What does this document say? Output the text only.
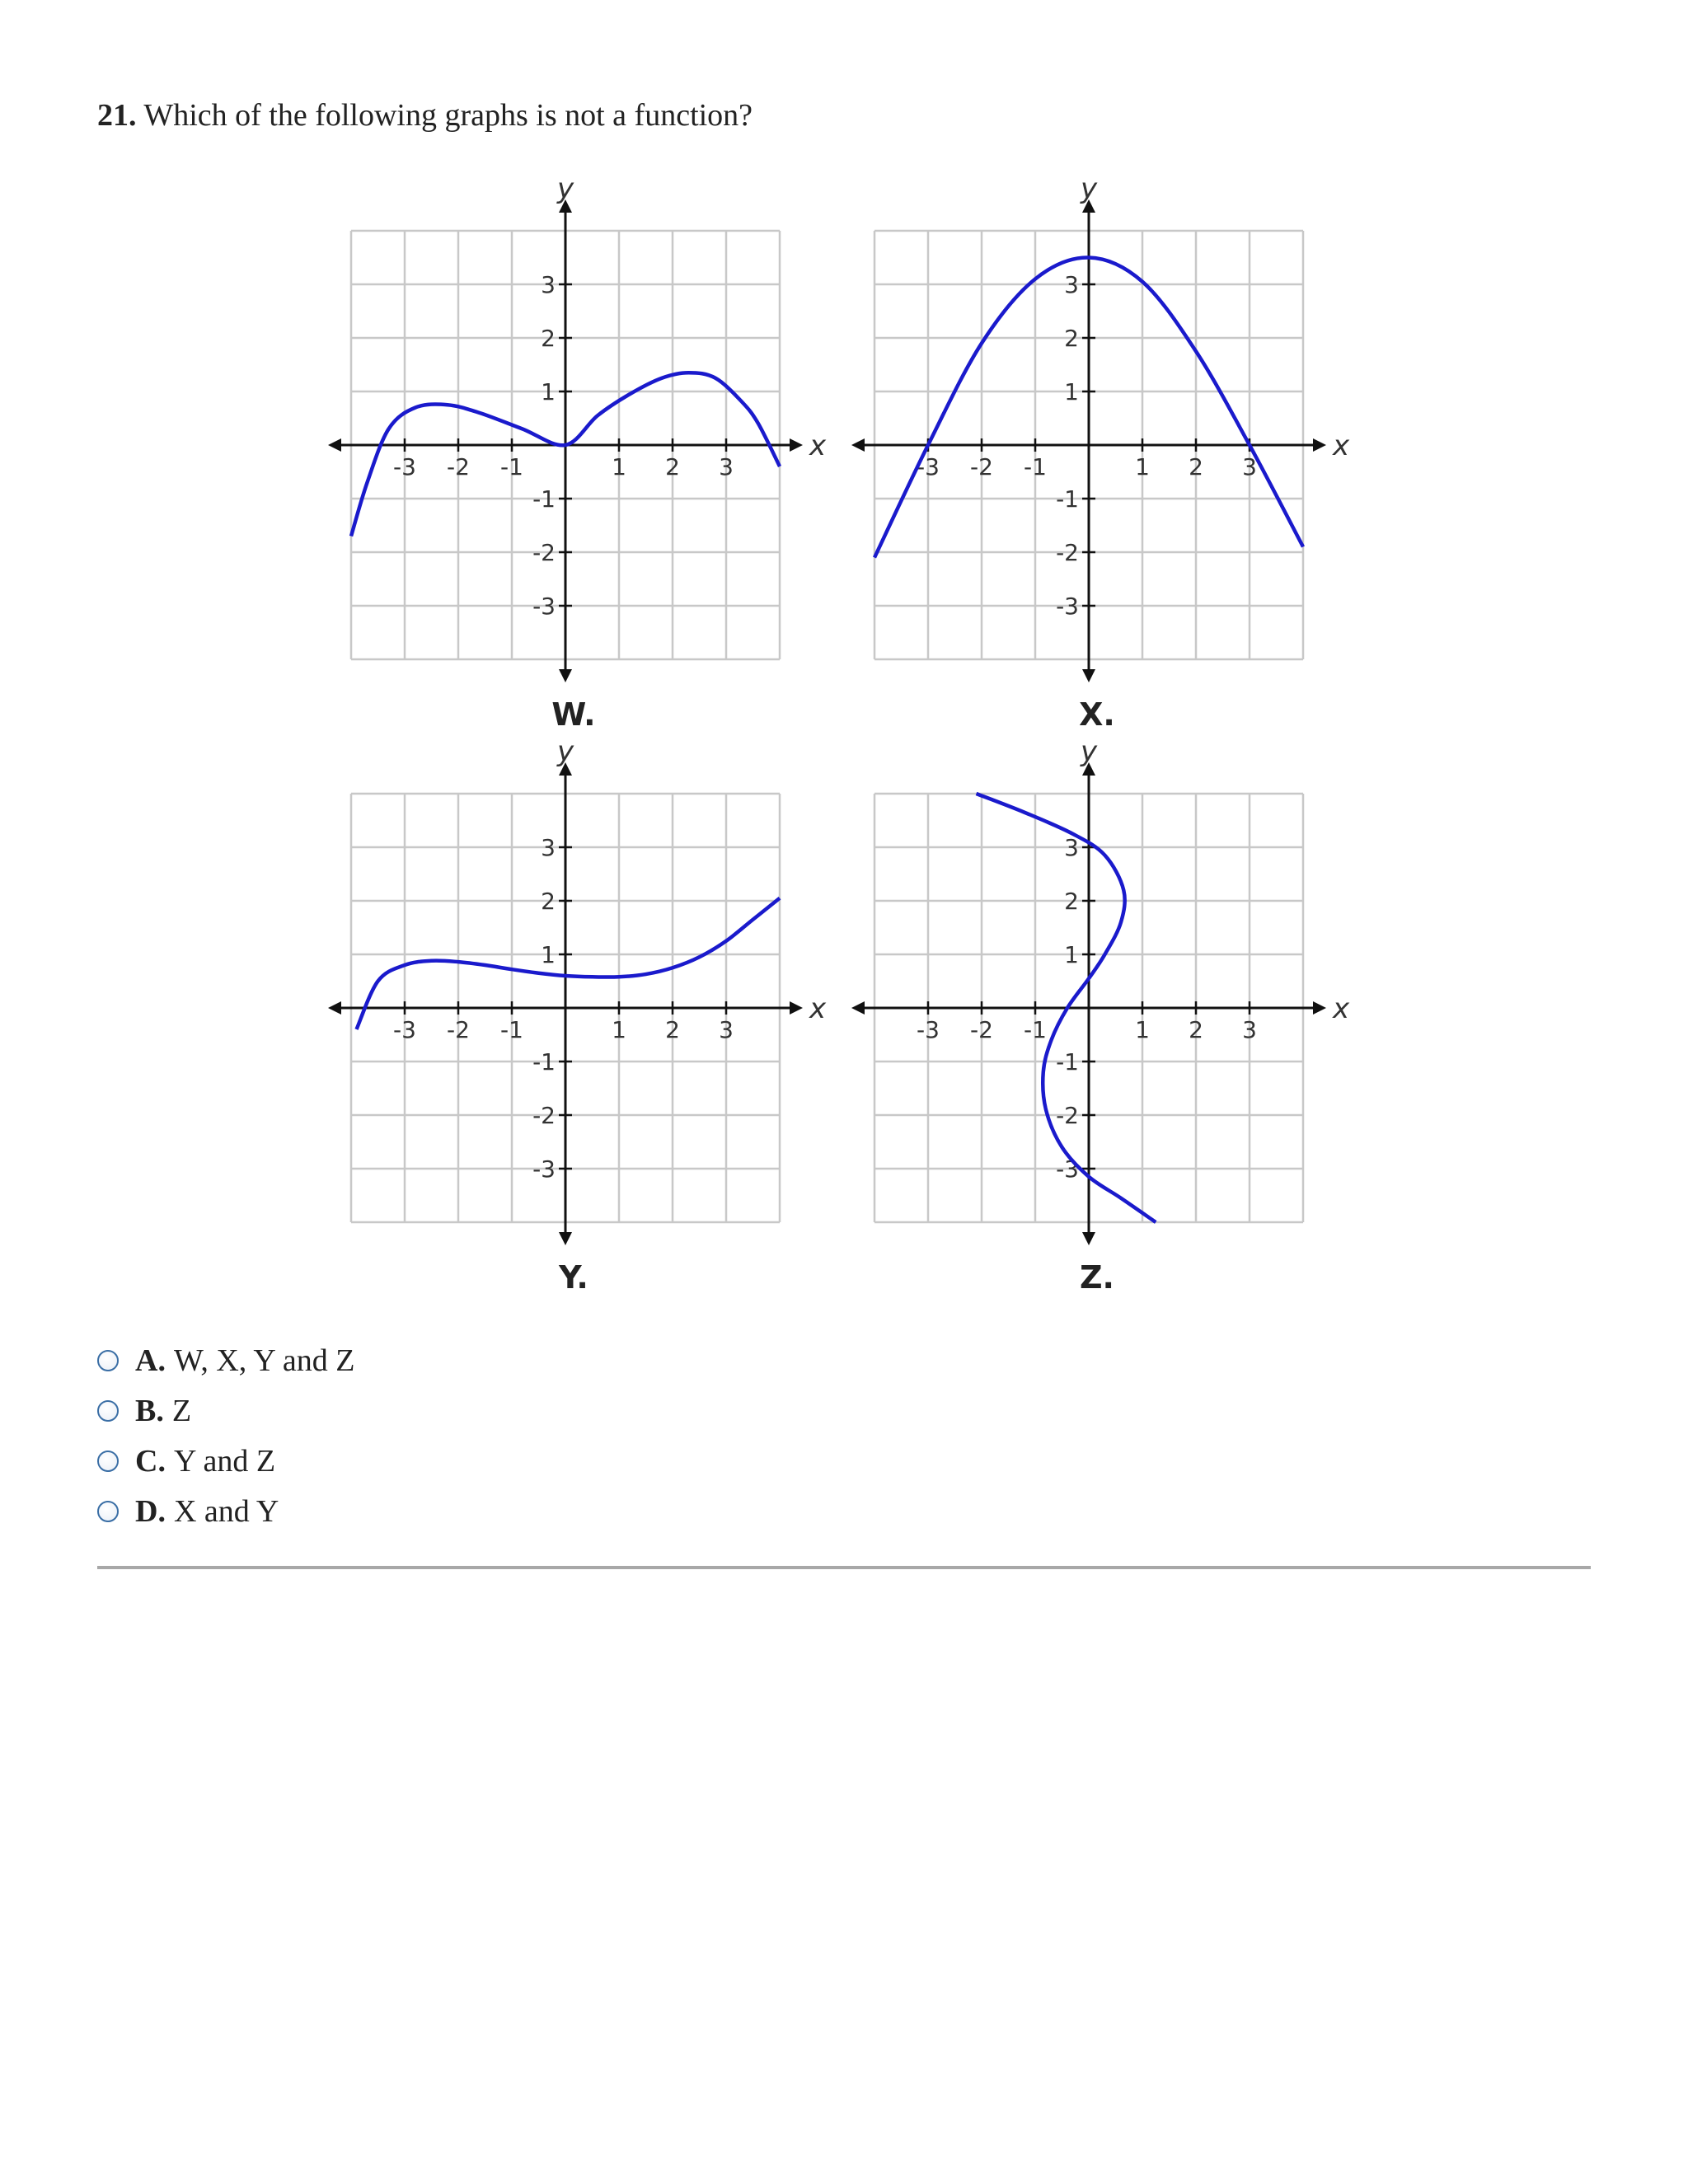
21. Which of the following graphs is not a function?
-3 -2 -1	1 2 3
3
2
1
-1
-2
-3
x
y
W.
-3 -2 -1	1 2 3
3
2
1
-1
-2
-3
x
y
X.
-3 -2 -1	1 2 3
3
2
1
-1
-2
-3
x
y
Y.
-3 -2 -1	1 2 3
3
2
1
-1
-2
-3
x
y
Z.
A. W, X, Y and Z
B. Z
C. Y and Z
D. X and Y
